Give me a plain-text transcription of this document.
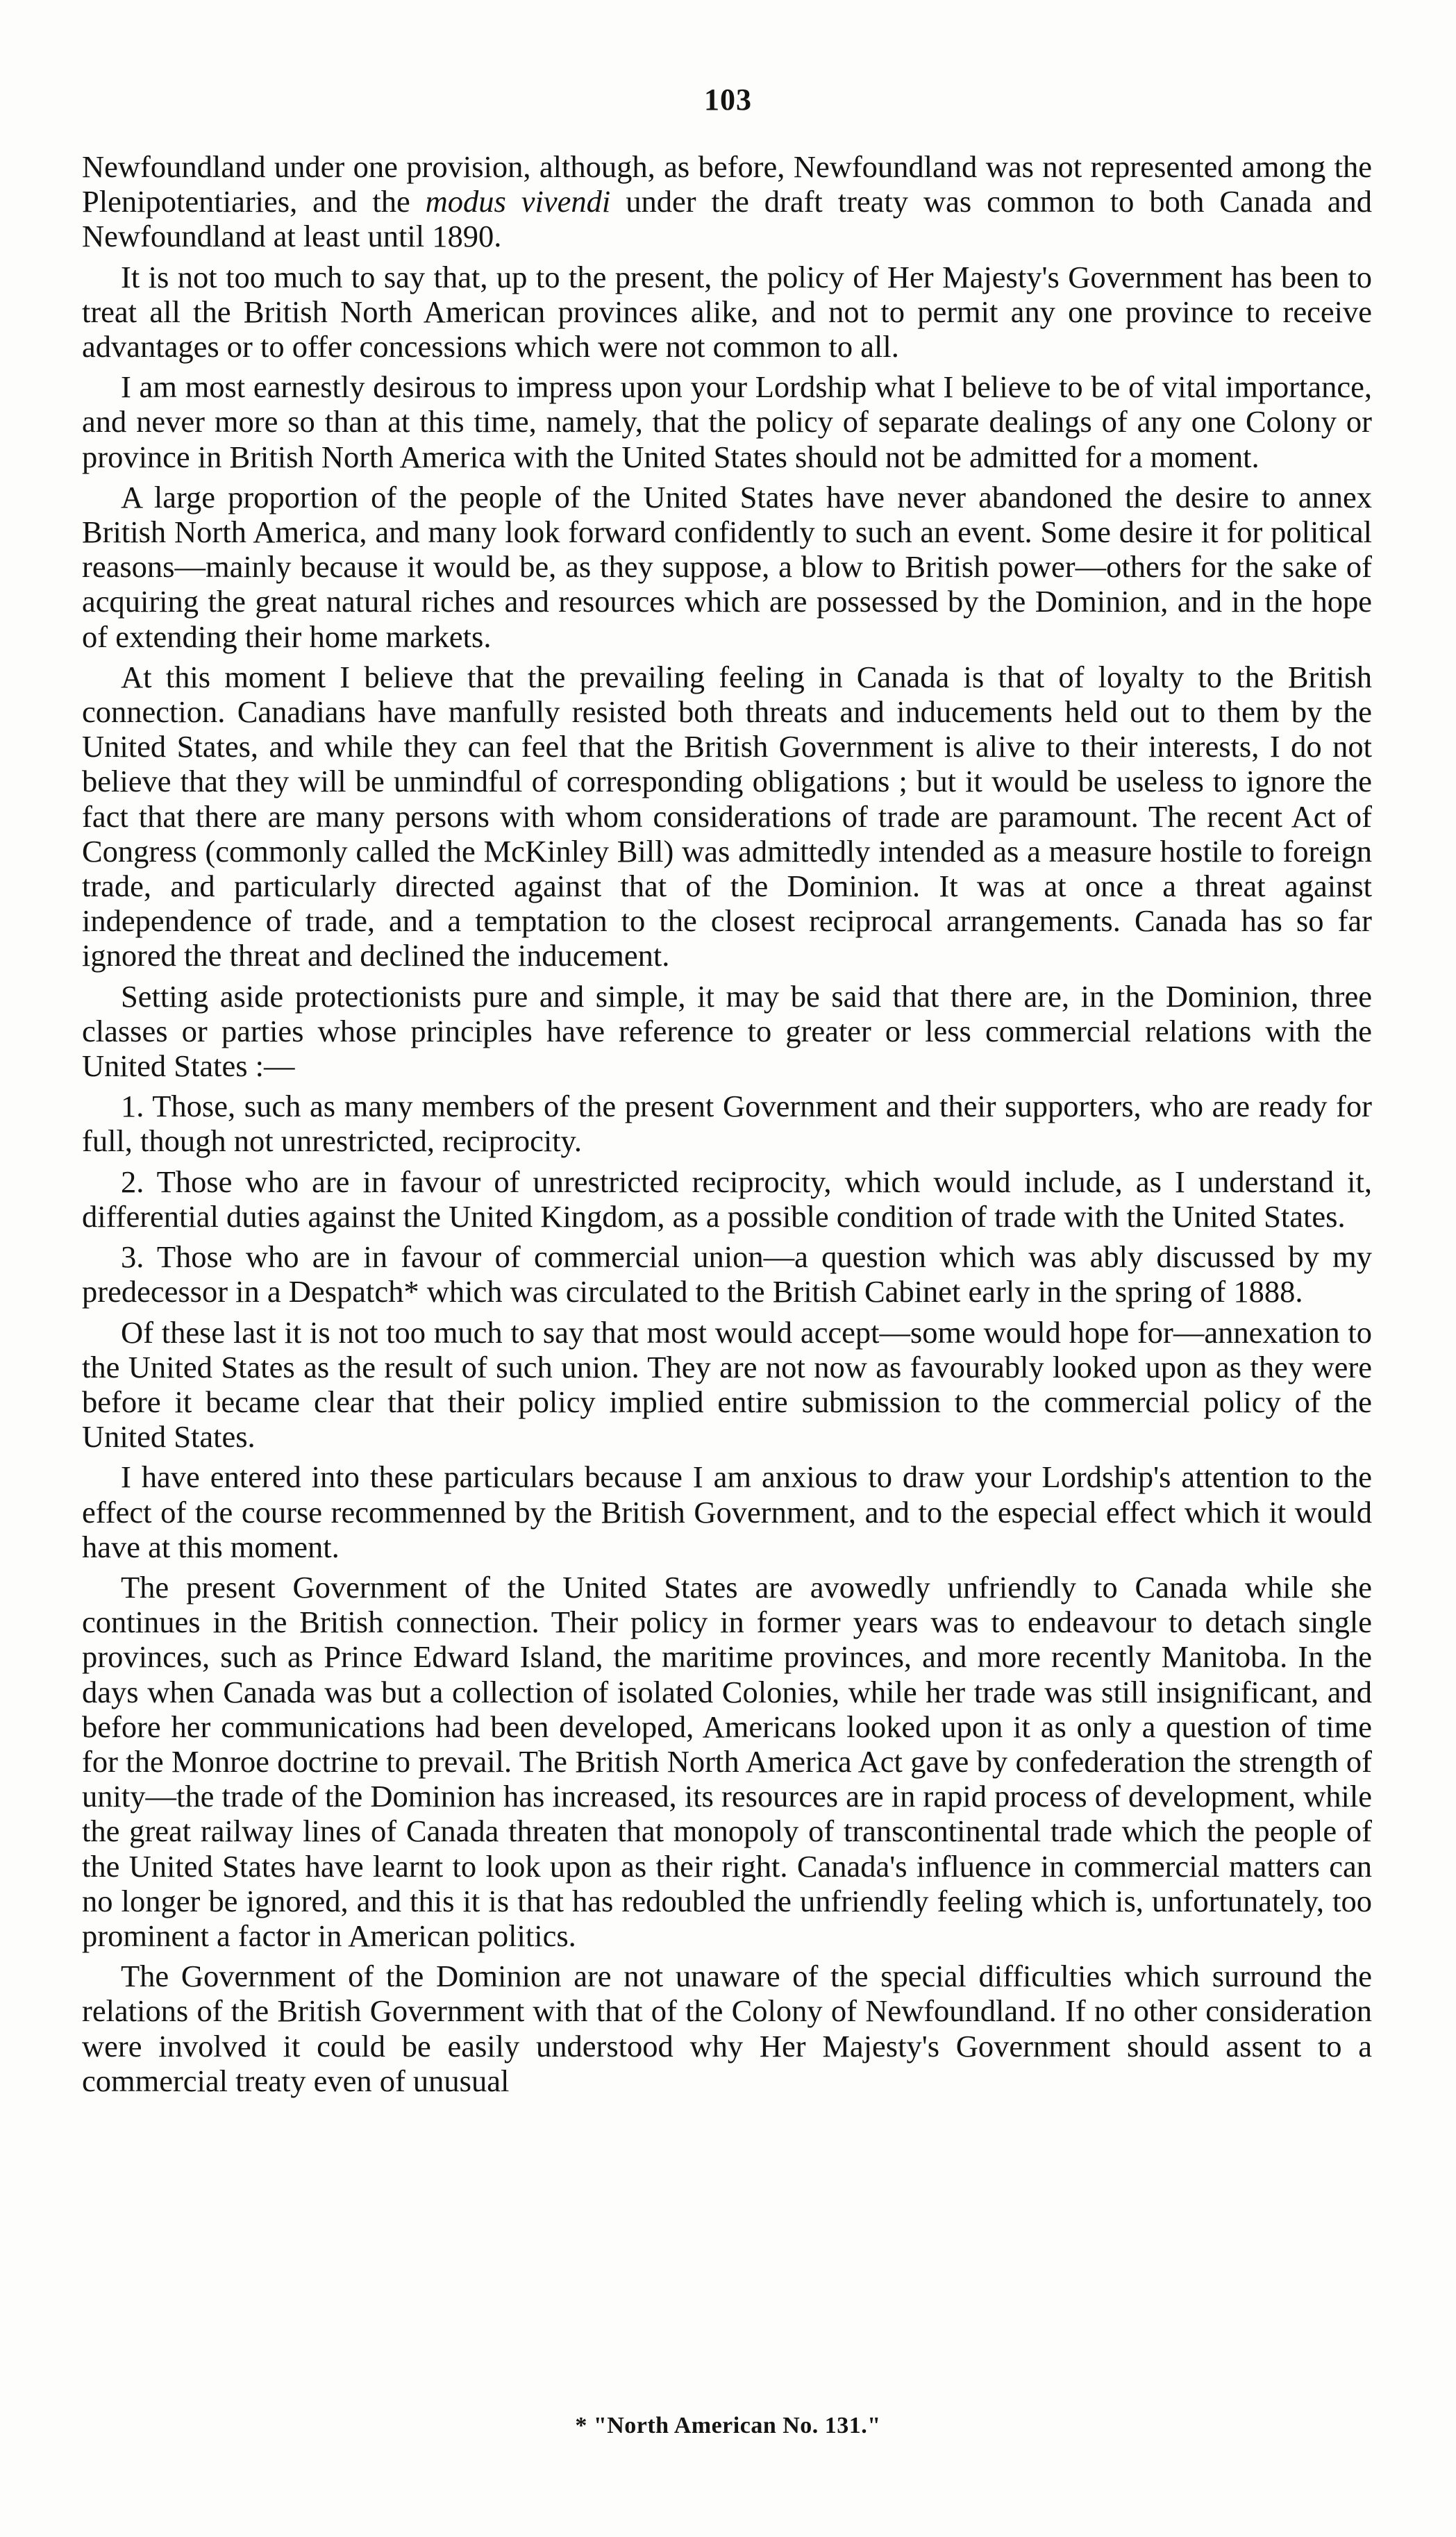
103

Newfoundland under one provision, although, as before, Newfoundland was not represented among the Plenipotentiaries, and the modus vivendi under the draft treaty was common to both Canada and Newfoundland at least until 1890.

It is not too much to say that, up to the present, the policy of Her Majesty's Government has been to treat all the British North American provinces alike, and not to permit any one province to receive advantages or to offer concessions which were not common to all.

I am most earnestly desirous to impress upon your Lordship what I believe to be of vital importance, and never more so than at this time, namely, that the policy of separate dealings of any one Colony or province in British North America with the United States should not be admitted for a moment.

A large proportion of the people of the United States have never abandoned the desire to annex British North America, and many look forward confidently to such an event. Some desire it for political reasons—mainly because it would be, as they suppose, a blow to British power—others for the sake of acquiring the great natural riches and resources which are possessed by the Dominion, and in the hope of extending their home markets.

At this moment I believe that the prevailing feeling in Canada is that of loyalty to the British connection. Canadians have manfully resisted both threats and inducements held out to them by the United States, and while they can feel that the British Government is alive to their interests, I do not believe that they will be unmindful of corresponding obligations ; but it would be useless to ignore the fact that there are many persons with whom considerations of trade are paramount. The recent Act of Congress (commonly called the McKinley Bill) was admittedly intended as a measure hostile to foreign trade, and particularly directed against that of the Dominion. It was at once a threat against independence of trade, and a temptation to the closest reciprocal arrangements. Canada has so far ignored the threat and declined the inducement.

Setting aside protectionists pure and simple, it may be said that there are, in the Dominion, three classes or parties whose principles have reference to greater or less commercial relations with the United States :—

1. Those, such as many members of the present Government and their supporters, who are ready for full, though not unrestricted, reciprocity.

2. Those who are in favour of unrestricted reciprocity, which would include, as I understand it, differential duties against the United Kingdom, as a possible condition of trade with the United States.

3. Those who are in favour of commercial union—a question which was ably discussed by my predecessor in a Despatch* which was circulated to the British Cabinet early in the spring of 1888.

Of these last it is not too much to say that most would accept—some would hope for—annexation to the United States as the result of such union. They are not now as favourably looked upon as they were before it became clear that their policy implied entire submission to the commercial policy of the United States.

I have entered into these particulars because I am anxious to draw your Lordship's attention to the effect of the course recommenned by the British Government, and to the especial effect which it would have at this moment.

The present Government of the United States are avowedly unfriendly to Canada while she continues in the British connection. Their policy in former years was to endeavour to detach single provinces, such as Prince Edward Island, the maritime provinces, and more recently Manitoba. In the days when Canada was but a collection of isolated Colonies, while her trade was still insignificant, and before her communications had been developed, Americans looked upon it as only a question of time for the Monroe doctrine to prevail. The British North America Act gave by confederation the strength of unity—the trade of the Dominion has increased, its resources are in rapid process of development, while the great railway lines of Canada threaten that monopoly of transcontinental trade which the people of the United States have learnt to look upon as their right. Canada's influence in commercial matters can no longer be ignored, and this it is that has redoubled the unfriendly feeling which is, unfortunately, too prominent a factor in American politics.

The Government of the Dominion are not unaware of the special difficulties which surround the relations of the British Government with that of the Colony of Newfoundland. If no other consideration were involved it could be easily understood why Her Majesty's Government should assent to a commercial treaty even of unusual

* "North American No. 131."
